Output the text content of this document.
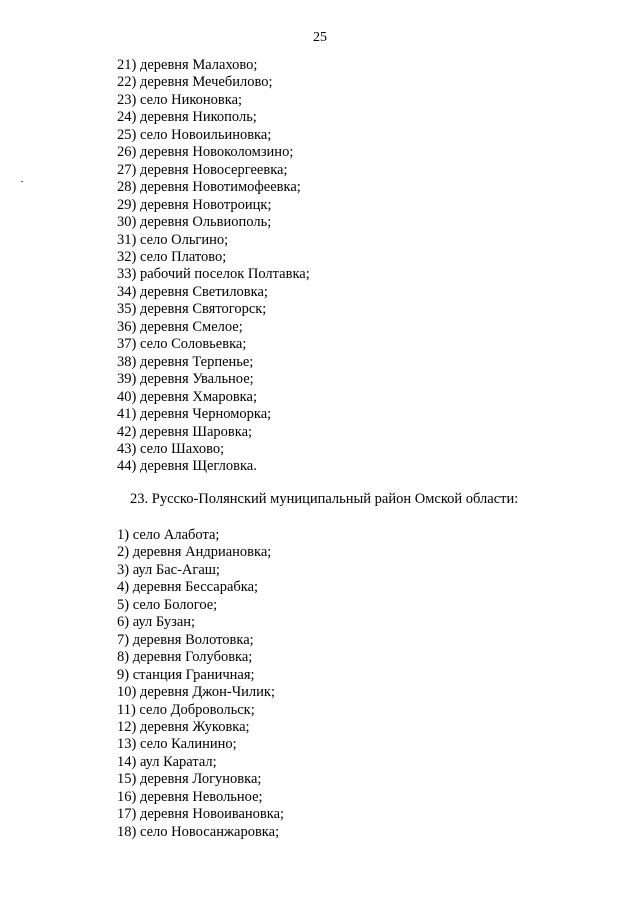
25
21) деревня Малахово;
22) деревня Мечебилово;
23) село Никоновка;
24) деревня Никополь;
25) село Новоильиновка;
26) деревня Новоколомзино;
27) деревня Новосергеевка;
28) деревня Новотимофеевка;
29) деревня Новотроицк;
30) деревня Ольвиополь;
31) село Ольгино;
32) село Платово;
33) рабочий поселок Полтавка;
34) деревня Светиловка;
35) деревня Святогорск;
36) деревня Смелое;
37) село Соловьевка;
38) деревня Терпенье;
39) деревня Увальное;
40) деревня Хмаровка;
41) деревня Черноморка;
42) деревня Шаровка;
43) село Шахово;
44) деревня Щегловка.
23. Русско-Полянский муниципальный район Омской области:
1) село Алабота;
2) деревня Андриановка;
3) аул Бас-Агаш;
4) деревня Бессарабка;
5) село Бологое;
6) аул Бузан;
7) деревня Волотовка;
8) деревня Голубовка;
9) станция Граничная;
10) деревня Джон-Чилик;
11) село Добровольск;
12) деревня Жуковка;
13) село Калинино;
14) аул Каратал;
15) деревня Логуновка;
16) деревня Невольное;
17) деревня Новоивановка;
18) село Новосанжаровка;
